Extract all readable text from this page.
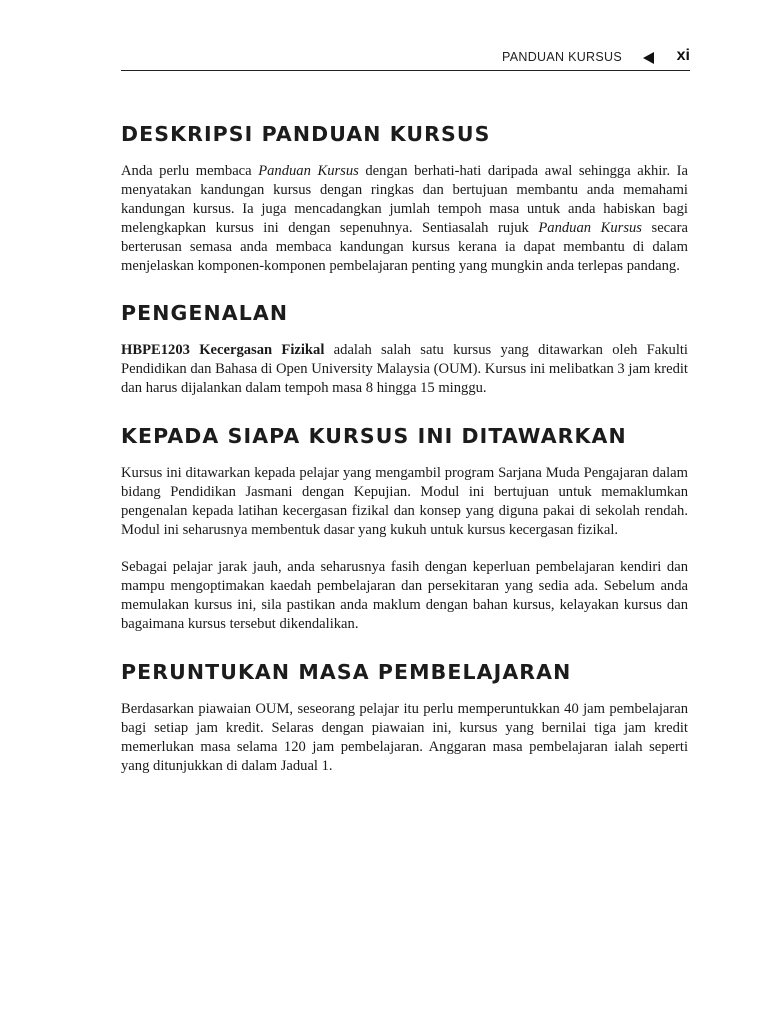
PANDUAN KURSUS	xi
DESKRIPSI PANDUAN KURSUS

Anda perlu membaca Panduan Kursus dengan berhati-hati daripada awal sehingga akhir. Ia menyatakan kandungan kursus dengan ringkas dan bertujuan membantu anda memahami kandungan kursus. Ia juga mencadangkan jumlah tempoh masa untuk anda habiskan bagi melengkapkan kursus ini dengan sepenuhnya. Sentiasalah rujuk Panduan Kursus secara berterusan semasa anda membaca kandungan kursus kerana ia dapat membantu di dalam menjelaskan komponen-komponen pembelajaran penting yang mungkin anda terlepas pandang.

PENGENALAN

HBPE1203 Kecergasan Fizikal adalah salah satu kursus yang ditawarkan oleh Fakulti Pendidikan dan Bahasa di Open University Malaysia (OUM). Kursus ini melibatkan 3 jam kredit dan harus dijalankan dalam tempoh masa 8 hingga 15 minggu.

KEPADA SIAPA KURSUS INI DITAWARKAN

Kursus ini ditawarkan kepada pelajar yang mengambil program Sarjana Muda Pengajaran dalam bidang Pendidikan Jasmani dengan Kepujian. Modul ini bertujuan untuk memaklumkan pengenalan kepada latihan kecergasan fizikal dan konsep yang diguna pakai di sekolah rendah. Modul ini seharusnya membentuk dasar yang kukuh untuk kursus kecergasan fizikal.

Sebagai pelajar jarak jauh, anda seharusnya fasih dengan keperluan pembelajaran kendiri dan mampu mengoptimakan kaedah pembelajaran dan persekitaran yang sedia ada. Sebelum anda memulakan kursus ini, sila pastikan anda maklum dengan bahan kursus, kelayakan kursus dan bagaimana kursus tersebut dikendalikan.

PERUNTUKAN MASA PEMBELAJARAN

Berdasarkan piawaian OUM, seseorang pelajar itu perlu memperuntukkan 40 jam pembelajaran bagi setiap jam kredit. Selaras dengan piawaian ini, kursus yang bernilai tiga jam kredit memerlukan masa selama 120 jam pembelajaran. Anggaran masa pembelajaran ialah seperti yang ditunjukkan di dalam Jadual 1.
